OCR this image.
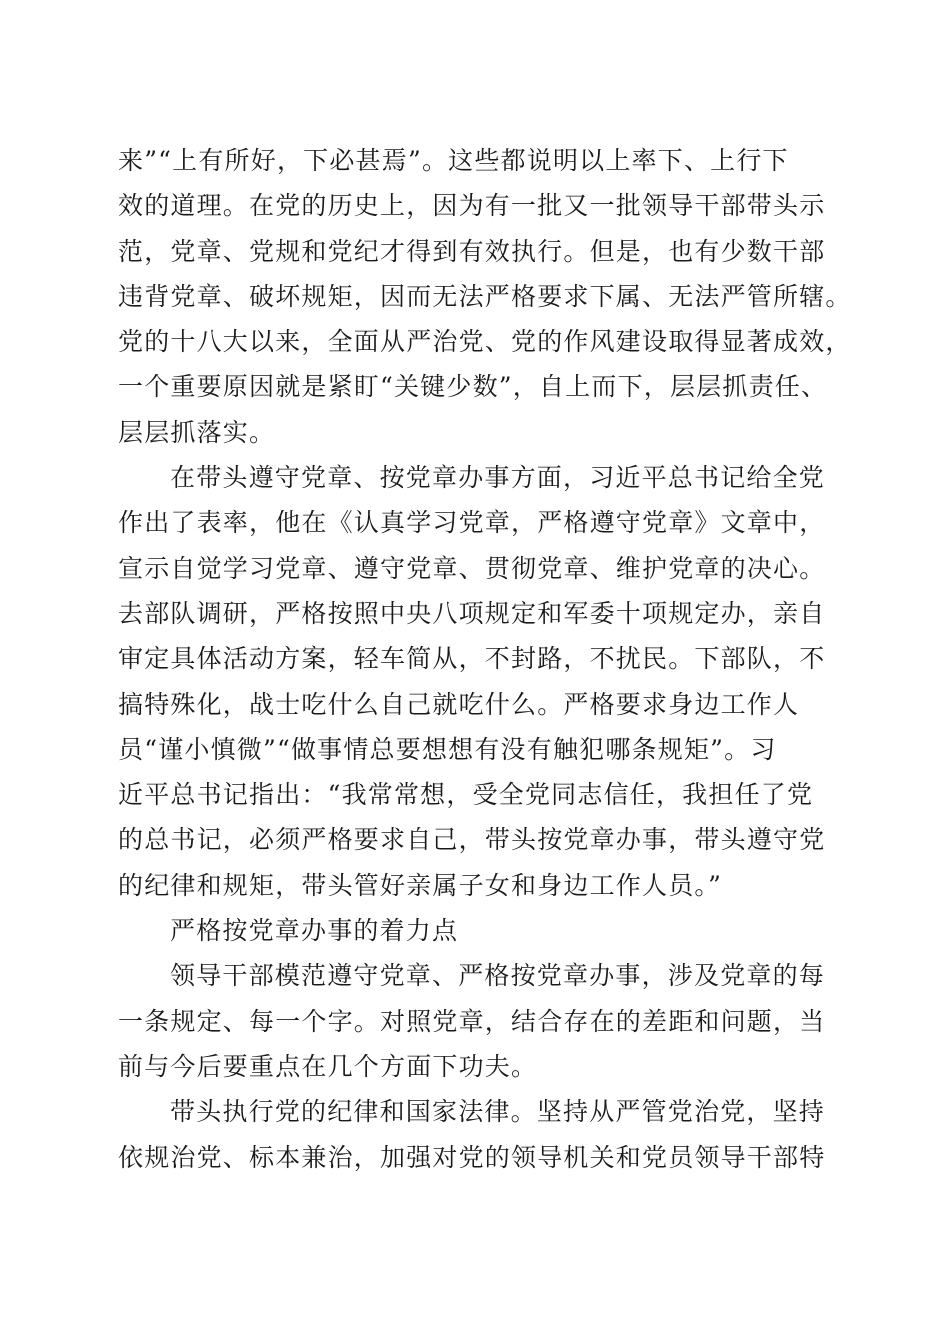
来”“上有所好，下必甚焉”。这些都说明以上率下、上行下
效的道理。在党的历史上，因为有一批又一批领导干部带头示
范，党章、党规和党纪才得到有效执行。但是，也有少数干部
违背党章、破坏规矩，因而无法严格要求下属、无法严管所辖。
党的十八大以来，全面从严治党、党的作风建设取得显著成效，
一个重要原因就是紧盯“关键少数”，自上而下，层层抓责任、
层层抓落实。
在带头遵守党章、按党章办事方面，习近平总书记给全党
作出了表率，他在《认真学习党章，严格遵守党章》文章中，
宣示自觉学习党章、遵守党章、贯彻党章、维护党章的决心。
去部队调研，严格按照中央八项规定和军委十项规定办，亲自
审定具体活动方案，轻车简从，不封路，不扰民。下部队，不
搞特殊化，战士吃什么自己就吃什么。严格要求身边工作人
员“谨小慎微”“做事情总要想想有没有触犯哪条规矩”。习
近平总书记指出：“我常常想，受全党同志信任，我担任了党
的总书记，必须严格要求自己，带头按党章办事，带头遵守党
的纪律和规矩，带头管好亲属子女和身边工作人员。”
严格按党章办事的着力点
领导干部模范遵守党章、严格按党章办事，涉及党章的每
一条规定、每一个字。对照党章，结合存在的差距和问题，当
前与今后要重点在几个方面下功夫。
带头执行党的纪律和国家法律。坚持从严管党治党，坚持
依规治党、标本兼治，加强对党的领导机关和党员领导干部特
